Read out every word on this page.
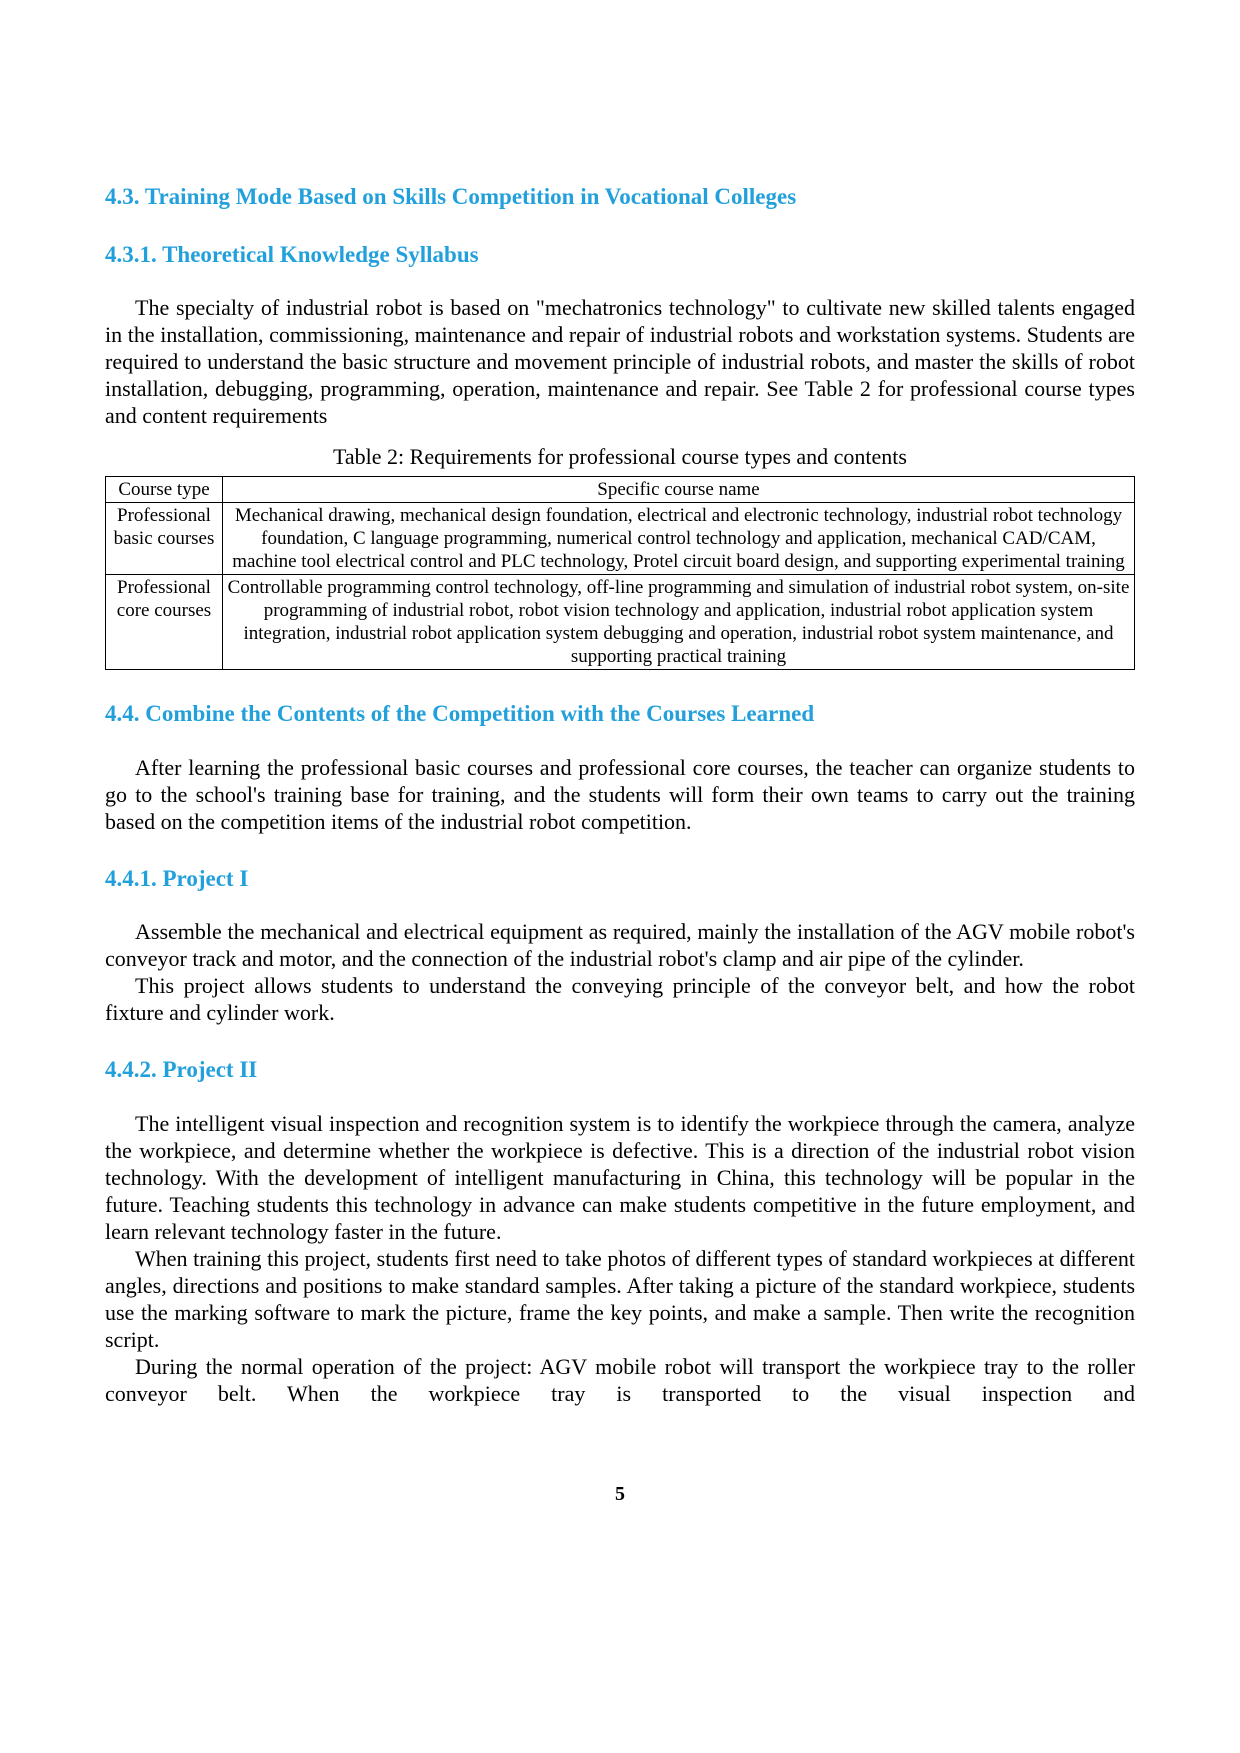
4.3. Training Mode Based on Skills Competition in Vocational Colleges
4.3.1. Theoretical Knowledge Syllabus

The specialty of industrial robot is based on "mechatronics technology" to cultivate new skilled talents engaged in the installation, commissioning, maintenance and repair of industrial robots and workstation systems. Students are required to understand the basic structure and movement principle of industrial robots, and master the skills of robot installation, debugging, programming, operation, maintenance and repair. See Table 2 for professional course types and content requirements

Table 2: Requirements for professional course types and contents

Course type	Specific course name
Professional basic courses	Mechanical drawing, mechanical design foundation, electrical and electronic technology, industrial robot technology foundation, C language programming, numerical control technology and application, mechanical CAD/CAM, machine tool electrical control and PLC technology, Protel circuit board design, and supporting experimental training
Professional core courses	Controllable programming control technology, off-line programming and simulation of industrial robot system, on-site programming of industrial robot, robot vision technology and application, industrial robot application system integration, industrial robot application system debugging and operation, industrial robot system maintenance, and supporting practical training
4.4. Combine the Contents of the Competition with the Courses Learned

After learning the professional basic courses and professional core courses, the teacher can organize students to go to the school's training base for training, and the students will form their own teams to carry out the training based on the competition items of the industrial robot competition.

4.4.1. Project I

Assemble the mechanical and electrical equipment as required, mainly the installation of the AGV mobile robot's conveyor track and motor, and the connection of the industrial robot's clamp and air pipe of the cylinder.

This project allows students to understand the conveying principle of the conveyor belt, and how the robot fixture and cylinder work.

4.4.2. Project II

The intelligent visual inspection and recognition system is to identify the workpiece through the camera, analyze the workpiece, and determine whether the workpiece is defective. This is a direction of the industrial robot vision technology. With the development of intelligent manufacturing in China, this technology will be popular in the future. Teaching students this technology in advance can make students competitive in the future employment, and learn relevant technology faster in the future.

When training this project, students first need to take photos of different types of standard workpieces at different angles, directions and positions to make standard samples. After taking a picture of the standard workpiece, students use the marking software to mark the picture, frame the key points, and make a sample. Then write the recognition script.

During the normal operation of the project: AGV mobile robot will transport the workpiece tray to the roller conveyor belt. When the workpiece tray is transported to the visual inspection and

5
